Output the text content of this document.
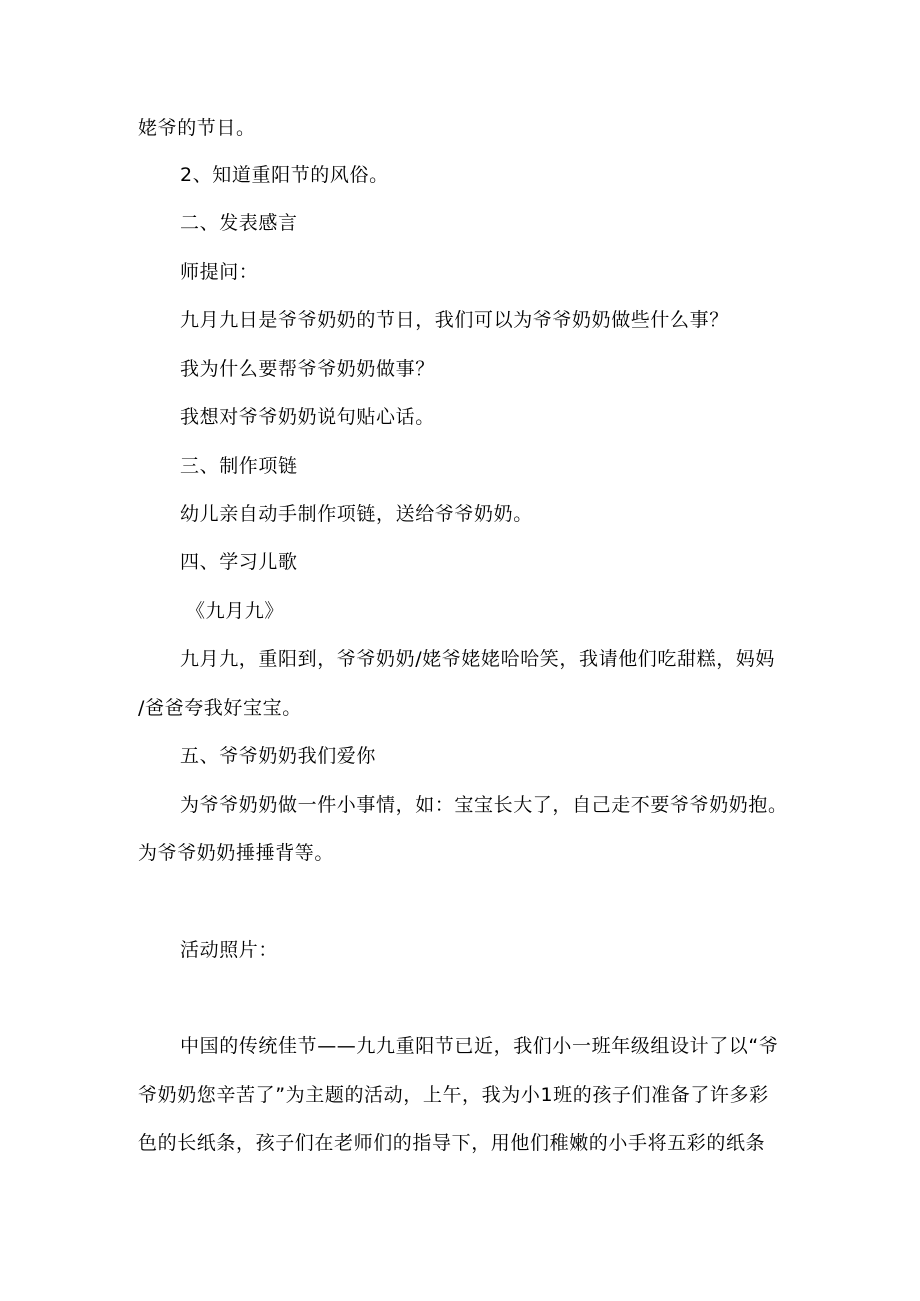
姥爷的节日。
2、知道重阳节的风俗。
二、发表感言
师提问：
九月九日是爷爷奶奶的节日，我们可以为爷爷奶奶做些什么事？
我为什么要帮爷爷奶奶做事？
我想对爷爷奶奶说句贴心话。
三、制作项链
幼儿亲自动手制作项链，送给爷爷奶奶。
四、学习儿歌
《九月九》
九月九，重阳到，爷爷奶奶/姥爷姥姥哈哈笑，我请他们吃甜糕，妈妈
/爸爸夸我好宝宝。
五、爷爷奶奶我们爱你
为爷爷奶奶做一件小事情，如：宝宝长大了，自己走不要爷爷奶奶抱。
为爷爷奶奶捶捶背等。
活动照片：
中国的传统佳节——九九重阳节已近，我们小一班年级组设计了以“爷
爷奶奶您辛苦了”为主题的活动，上午，我为小1班的孩子们准备了许多彩
色的长纸条，孩子们在老师们的指导下，用他们稚嫩的小手将五彩的纸条
